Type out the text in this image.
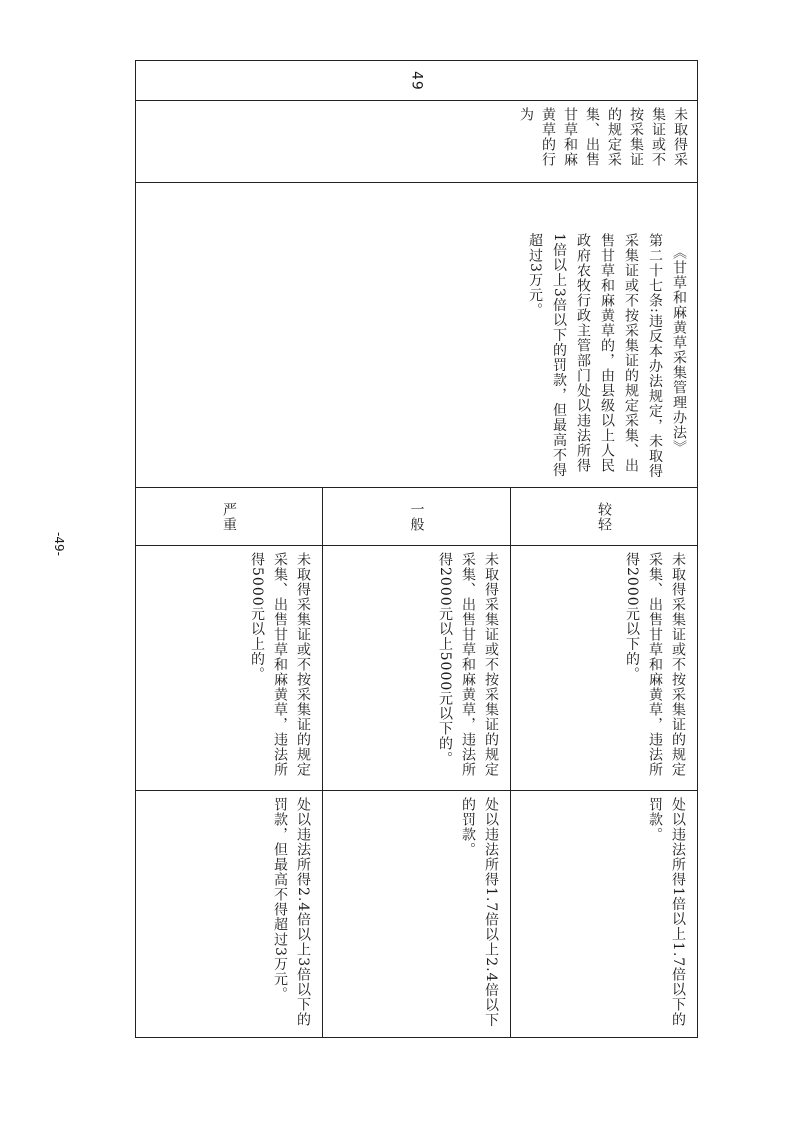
-49-
49		

未取得采集证或不按采集证的规定采集、出售甘草和麻黄草的行为		

《甘草和麻黄草采集管理办法》
第二十七条:违反本办法规定，未取得采集证或不按采集证的规定采集、出售甘草和麻黄草的，由县级以上人民政府农牧行政主管部门处以违法所得1倍以上3倍以下的罚款，但最高不得超过3万元。		

严重	一般	较轻

未取得采集证或不按采集证的规定采集、出售甘草和麻黄草，违法所得5000元以上的。	未取得采集证或不按采集证的规定采集、出售甘草和麻黄草，违法所得2000元以上5000元以下的。	未取得采集证或不按采集证的规定采集、出售甘草和麻黄草，违法所得2000元以下的。

处以违法所得2.4倍以上3倍以下的罚款，但最高不得超过3万元。	处以违法所得1.7倍以上2.4倍以下的罚款。	处以违法所得1倍以上1.7倍以下的罚款。
